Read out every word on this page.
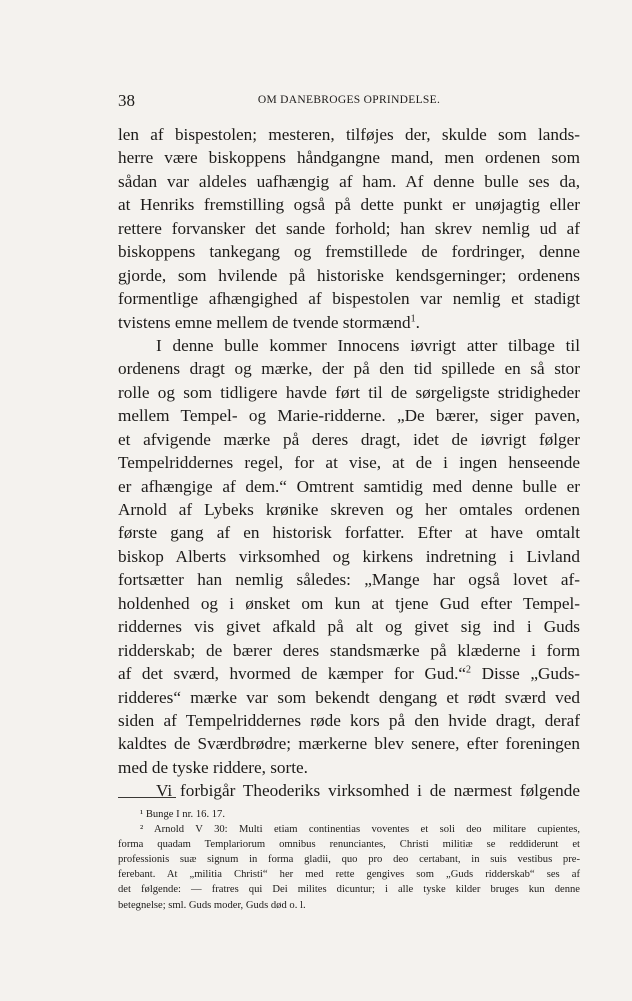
38	OM DANEBROGES OPRINDELSE.
len af bispestolen; mesteren, tilføjes der, skulde som lands-
herre være biskoppens håndgangne mand, men ordenen som
sådan var aldeles uafhængig af ham. Af denne bulle ses da,
at Henriks fremstilling også på dette punkt er unøjagtig eller
rettere forvansker det sande forhold; han skrev nemlig ud af
biskoppens tankegang og fremstillede de fordringer, denne
gjorde, som hvilende på historiske kendsgerninger; ordenens
formentlige afhængighed af bispestolen var nemlig et stadigt
tvistens emne mellem de tvende stormænd$^1$.
I denne bulle kommer Innocens iøvrigt atter tilbage til
ordenens dragt og mærke, der på den tid spillede en så stor
rolle og som tidligere havde ført til de sørgeligste stridigheder
mellem Tempel- og Marie-ridderne. „De bærer, siger paven,
et afvigende mærke på deres dragt, idet de iøvrigt følger
Tempelriddernes regel, for at vise, at de i ingen henseende
er afhængige af dem.“ Omtrent samtidig med denne bulle er
Arnold af Lybeks krønike skreven og her omtales ordenen
første gang af en historisk forfatter. Efter at have omtalt
biskop Alberts virksomhed og kirkens indretning i Livland
fortsætter han nemlig således: „Mange har også lovet af-
holdenhed og i ønsket om kun at tjene Gud efter Tempel-
riddernes vis givet afkald på alt og givet sig ind i Guds
ridderskab; de bærer deres standsmærke på klæderne i form
af det sværd, hvormed de kæmper for Gud.“$^2$ Disse „Guds-
ridderes“ mærke var som bekendt dengang et rødt sværd ved
siden af Tempelriddernes røde kors på den hvide dragt, deraf
kaldtes de Sværdbrødre; mærkerne blev senere, efter foreningen
med de tyske riddere, sorte.
Vi forbigår Theoderiks virksomhed i de nærmest følgende
¹ Bunge I nr. 16. 17.
² Arnold V 30: Multi etiam continentias voventes et soli deo militare cupientes,
forma quadam Templariorum omnibus renunciantes, Christi militiæ se reddiderunt et
professionis suæ signum in forma gladii, quo pro deo certabant, in suis vestibus pre-
ferebant. At „militia Christi“ her med rette gengives som „Guds ridderskab“ ses af
det følgende: — fratres qui Dei milites dicuntur; i alle tyske kilder bruges kun denne
betegnelse; sml. Guds moder, Guds død o. l.
